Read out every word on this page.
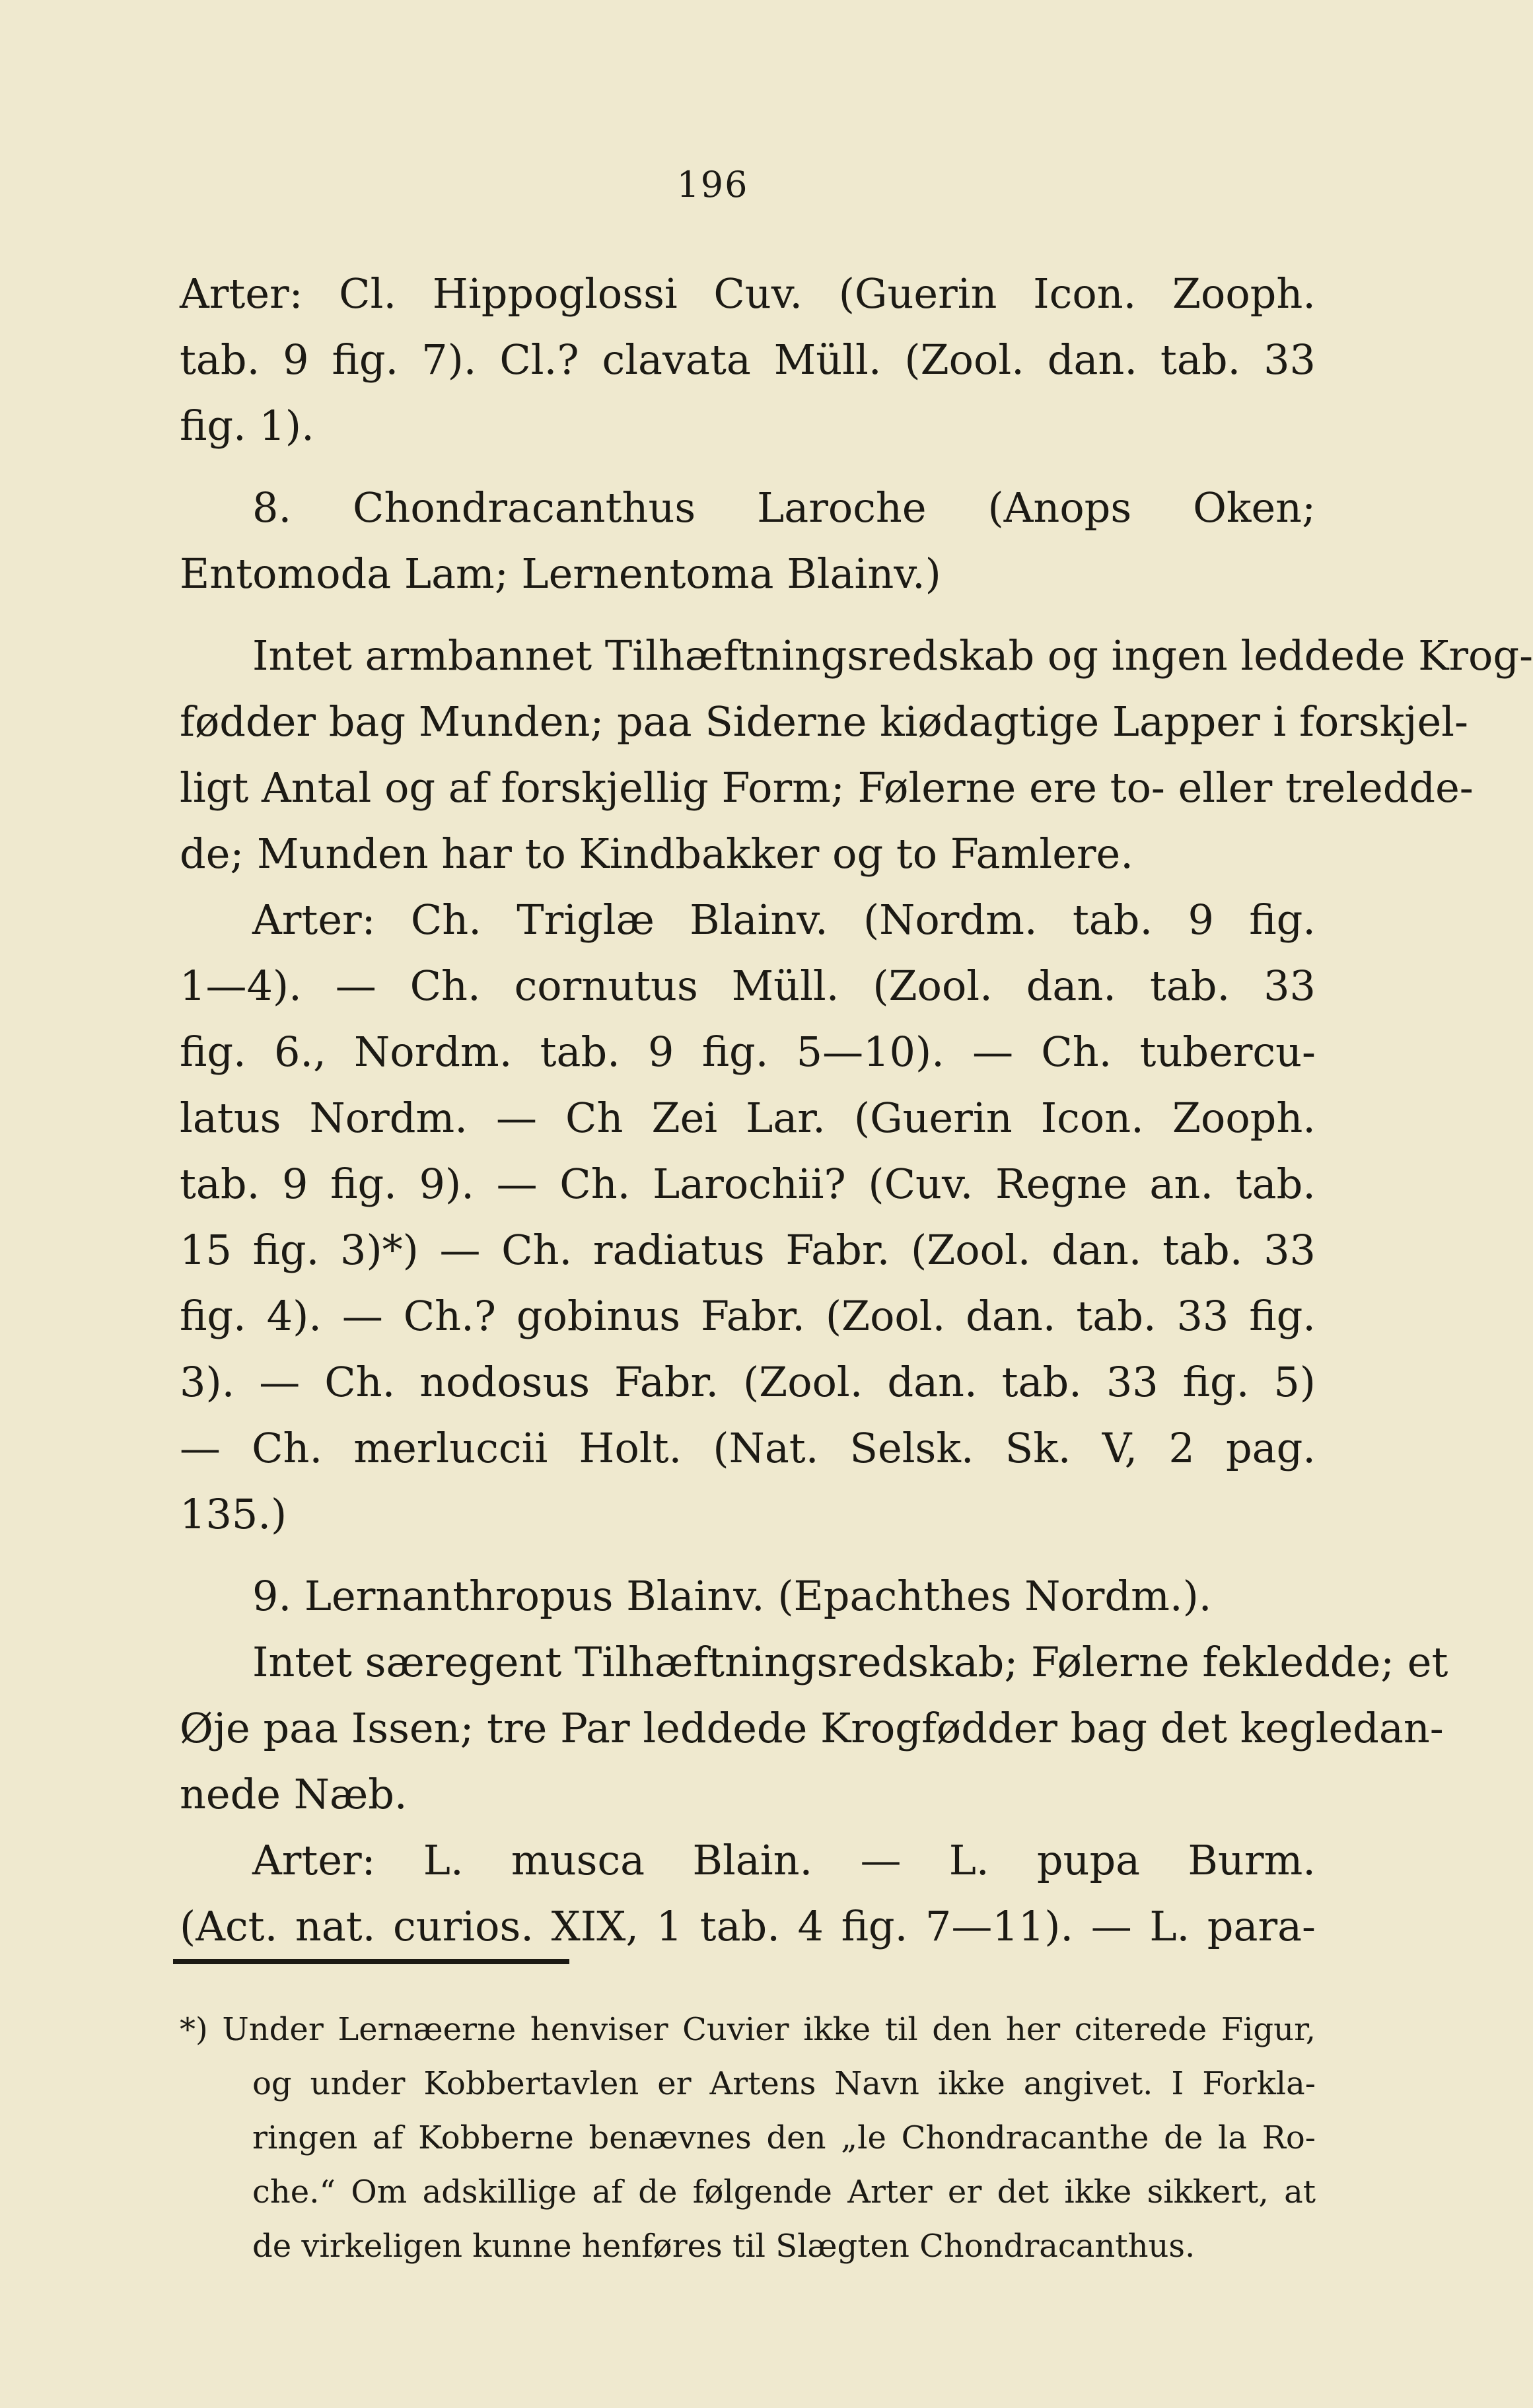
196
Arter: Cl. Hippoglossi Cuv. (Guerin Icon. Zooph.
tab. 9 fig. 7). Cl.? clavata Müll. (Zool. dan. tab. 33
fig. 1).
8. Chondracanthus Laroche (Anops Oken;
Entomoda Lam; Lernentoma Blainv.)
Intet armbannet Tilhæftningsredskab og ingen leddede Krog-
fødder bag Munden; paa Siderne kiødagtige Lapper i forskjel-
ligt Antal og af forskjellig Form; Følerne ere to- eller treledde-
de; Munden har to Kindbakker og to Famlere.
Arter: Ch. Triglæ Blainv. (Nordm. tab. 9 fig.
1—4). — Ch. cornutus Müll. (Zool. dan. tab. 33
fig. 6., Nordm. tab. 9 fig. 5—10). — Ch. tubercu-
latus Nordm. — Ch Zei Lar. (Guerin Icon. Zooph.
tab. 9 fig. 9). — Ch. Larochii? (Cuv. Regne an. tab.
15 fig. 3)*) — Ch. radiatus Fabr. (Zool. dan. tab. 33
fig. 4). — Ch.? gobinus Fabr. (Zool. dan. tab. 33 fig.
3). — Ch. nodosus Fabr. (Zool. dan. tab. 33 fig. 5)
— Ch. merluccii Holt. (Nat. Selsk. Sk. V, 2 pag.
135.)
9. Lernanthropus Blainv. (Epachthes Nordm.).
Intet særegent Tilhæftningsredskab; Følerne fekledde; et
Øje paa Issen; tre Par leddede Krogfødder bag det kegledan-
nede Næb.
Arter: L. musca Blain. — L. pupa Burm.
(Act. nat. curios. XIX, 1 tab. 4 fig. 7—11). — L. para-
*) Under Lernæerne henviser Cuvier ikke til den her citerede Figur,
og under Kobbertavlen er Artens Navn ikke angivet. I Forkla-
ringen af Kobberne benævnes den „le Chondracanthe de la Ro-
che.“ Om adskillige af de følgende Arter er det ikke sikkert, at
de virkeligen kunne henføres til Slægten Chondracanthus.
